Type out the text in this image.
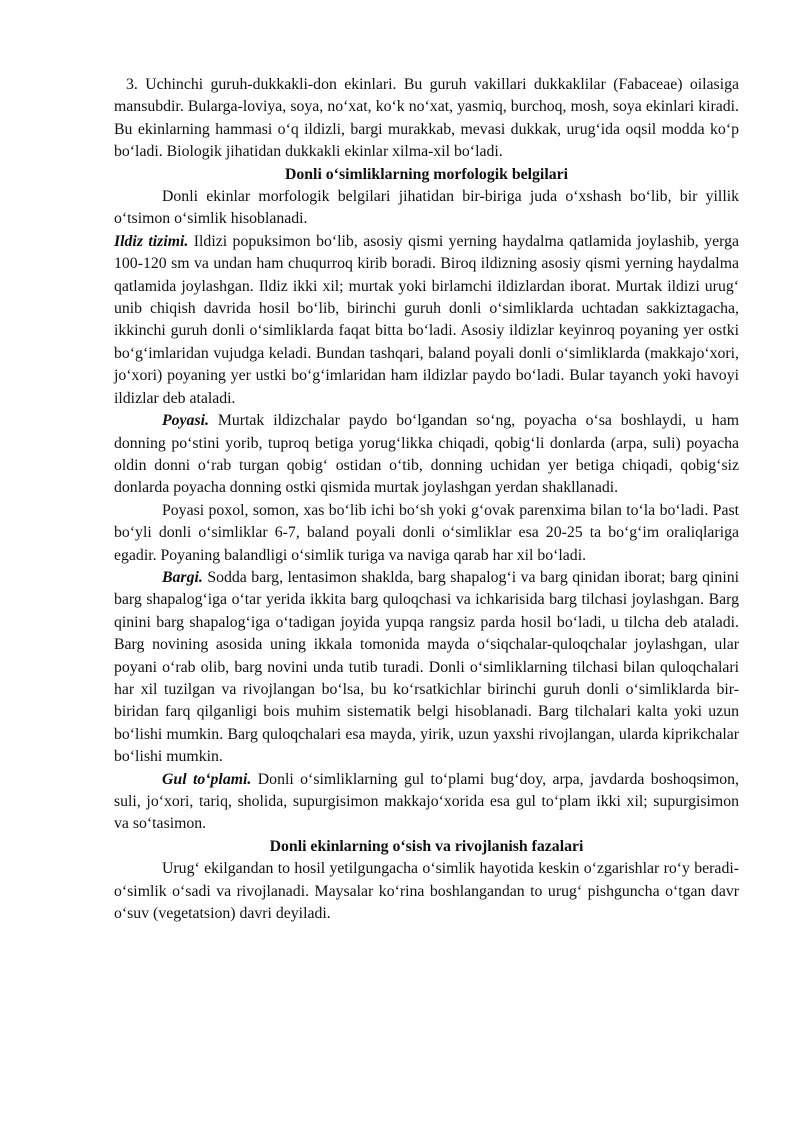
3. Uchinchi guruh-dukkakli-don ekinlari. Bu guruh vakillari dukkaklilar (Fabaceae) oilasiga mansubdir. Bularga-loviya, soya, no‘xat, ko‘k no‘xat, yasmiq, burchoq, mosh, soya ekinlari kiradi. Bu ekinlarning hammasi o‘q ildizli, bargi murakkab, mevasi dukkak, urug‘ida oqsil modda ko‘p bo‘ladi. Biologik jihatidan dukkakli ekinlar xilma-xil bo‘ladi.

Donli o‘simliklarning morfologik belgilari

Donli ekinlar morfologik belgilari jihatidan bir-biriga juda o‘xshash bo‘lib, bir yillik o‘tsimon o‘simlik hisoblanadi.

Ildiz tizimi. Ildizi popuksimon bo‘lib, asosiy qismi yerning haydalma qatlamida joylashib, yerga 100-120 sm va undan ham chuqurroq kirib boradi. Biroq ildizning asosiy qismi yerning haydalma qatlamida joylashgan. Ildiz ikki xil; murtak yoki birlamchi ildizlardan iborat. Murtak ildizi urug‘ unib chiqish davrida hosil bo‘lib, birinchi guruh donli o‘simliklarda uchtadan sakkiztagacha, ikkinchi guruh donli o‘simliklarda faqat bitta bo‘ladi. Asosiy ildizlar keyinroq poyaning yer ostki bo‘g‘imlaridan vujudga keladi. Bundan tashqari, baland poyali donli o‘simliklarda (makkajo‘xori, jo‘xori) poyaning yer ustki bo‘g‘imlaridan ham ildizlar paydo bo‘ladi. Bular tayanch yoki havoyi ildizlar deb ataladi.

Poyasi. Murtak ildizchalar paydo bo‘lgandan so‘ng, poyacha o‘sa boshlaydi, u ham donning po‘stini yorib, tuproq betiga yorug‘likka chiqadi, qobig‘li donlarda (arpa, suli) poyacha oldin donni o‘rab turgan qobig‘ ostidan o‘tib, donning uchidan yer betiga chiqadi, qobig‘siz donlarda poyacha donning ostki qismida murtak joylashgan yerdan shakllanadi.

Poyasi poxol, somon, xas bo‘lib ichi bo‘sh yoki g‘ovak parenxima bilan to‘la bo‘ladi. Past bo‘yli donli o‘simliklar 6-7, baland poyali donli o‘simliklar esa 20-25 ta bo‘g‘im oraliqlariga egadir. Poyaning balandligi o‘simlik turiga va naviga qarab har xil bo‘ladi.

Bargi. Sodda barg, lentasimon shaklda, barg shapalog‘i va barg qinidan iborat; barg qinini barg shapalog‘iga o‘tar yerida ikkita barg quloqchasi va ichkarisida barg tilchasi joylashgan. Barg qinini barg shapalog‘iga o‘tadigan joyida yupqa rangsiz parda hosil bo‘ladi, u tilcha deb ataladi. Barg novining asosida uning ikkala tomonida mayda o‘siqchalar-quloqchalar joylashgan, ular poyani o‘rab olib, barg novini unda tutib turadi. Donli o‘simliklarning tilchasi bilan quloqchalari har xil tuzilgan va rivojlangan bo‘lsa, bu ko‘rsatkichlar birinchi guruh donli o‘simliklarda bir-biridan farq qilganligi bois muhim sistematik belgi hisoblanadi. Barg tilchalari kalta yoki uzun bo‘lishi mumkin. Barg quloqchalari esa mayda, yirik, uzun yaxshi rivojlangan, ularda kiprikchalar bo‘lishi mumkin.

Gul to‘plami. Donli o‘simliklarning gul to‘plami bug‘doy, arpa, javdarda boshoqsimon, suli, jo‘xori, tariq, sholida, supurgisimon makkajo‘xorida esa gul to‘plam ikki xil; supurgisimon va so‘tasimon.

Donli ekinlarning o‘sish va rivojlanish fazalari

Urug‘ ekilgandan to hosil yetilgungacha o‘simlik hayotida keskin o‘zgarishlar ro‘y beradi-o‘simlik o‘sadi va rivojlanadi. Maysalar ko‘rina boshlangandan to urug‘ pishguncha o‘tgan davr o‘suv (vegetatsion) davri deyiladi.
